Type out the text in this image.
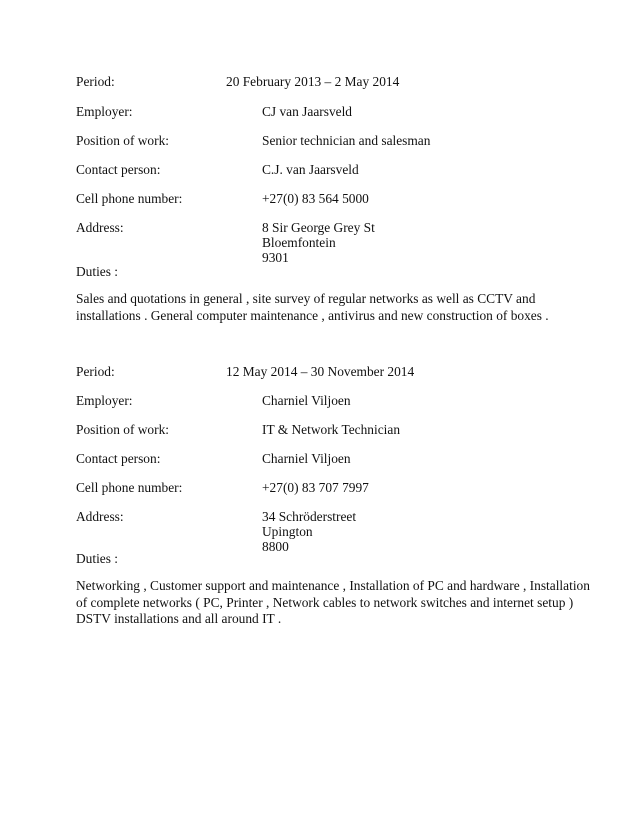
Period:	20 February 2013 – 2 May 2014
Employer:	CJ van Jaarsveld
Position of work:	Senior technician and salesman
Contact person:	C.J. van Jaarsveld
Cell phone number:	+27(0) 83 564 5000
Address:	8 Sir George Grey St
Bloemfontein
9301
Duties :
Sales and quotations in general , site survey of regular networks as well as CCTV and
installations . General computer maintenance , antivirus and new construction of boxes .
Period:	12 May 2014 – 30 November 2014
Employer:	Charniel Viljoen
Position of work:	IT & Network Technician
Contact person:	Charniel Viljoen
Cell phone number:	+27(0) 83 707 7997
Address:	34 Schröderstreet
Upington
8800
Duties :
Networking , Customer support and maintenance , Installation of PC and hardware , Installation
of complete networks ( PC, Printer , Network cables to network switches and internet setup )
DSTV installations and all around IT .
